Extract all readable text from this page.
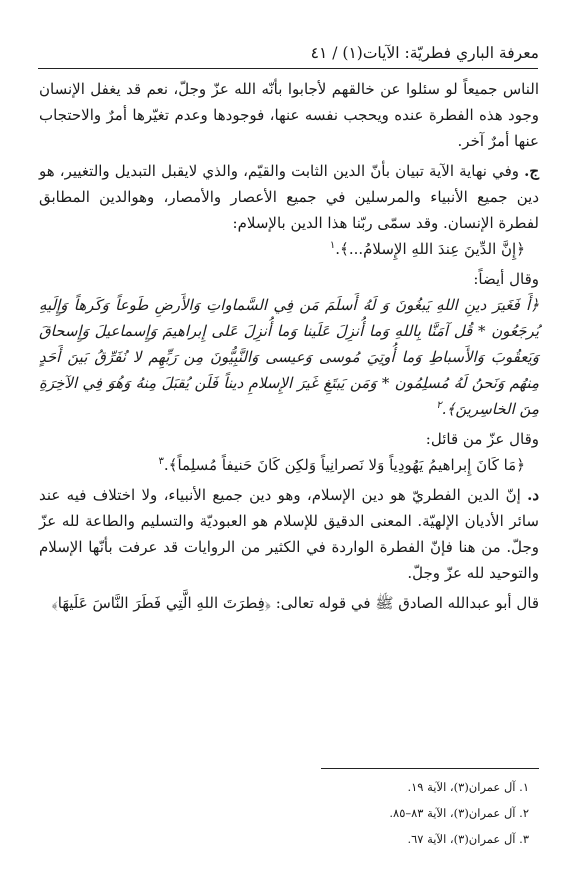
معرفة الباري فطريّة: الآيات(١) / ٤١

الناس جميعاً لو سئلوا عن خالقهم لأجابوا بأنّه الله عزّ وجلّ، نعم قد يغفل الإنسان وجود هذه الفطرة عنده ويحجب نفسه عنها، فوجودها وعدم تغيّرها أمرٌ والاحتجاب عنها أمرٌ آخر.

ج. وفي نهاية الآية تبيان بأنّ الدين الثابت والقيّم، والذي لايقبل التبديل والتغيير، هو دين جميع الأنبياء والمرسلين في جميع الأعصار والأمصار، وهوالدين المطابق لفطرة الإنسان. وقد سمّى ربّنا هذا الدين بالإسلام:

﴿إِنَّ الدِّينَ عِندَ اللهِ الإِسلامُ...﴾.$^١$

وقال أيضاً:

﴿أَ فَغَيرَ دينِ اللهِ يَبغُونَ وَ لَهُ أَسلَمَ مَن فِي السَّماواتِ وَالأَرضِ طَوعاً وَكَرهاً وَإِلَيهِ يُرجَعُون * قُل آمَنَّا بِاللهِ وَما أُنزِلَ عَلَينا وَما أُنزِلَ عَلى إِبراهيمَ وَإِسماعيلَ وَإِسحاقَ وَيَعقُوبَ وَالأَسباطِ وَما أُوتِيَ مُوسى وَعيسى وَالنَّبِيُّونَ مِن رَبِّهِم لا نُفَرِّقُ بَينَ أَحَدٍ مِنهُم وَنَحنُ لَهُ مُسلِمُون * وَمَن يَبتَغِ غَيرَ الإِسلامِ ديناً فَلَن يُقبَلَ مِنهُ وَهُوَ فِي الآخِرَةِ مِنَ الخاسِرينَ﴾.$^٢$

وقال عزّ من قائل:

﴿مَا كَانَ إِبراهيمُ يَهُودِياً وَلا نَصرانِياً وَلكِن كَانَ حَنيفاً مُسلِماً﴾.$^٣$

د. إنّ الدين الفطريّ هو دين الإسلام، وهو دين جميع الأنبياء، ولا اختلاف فيه عند سائر الأديان الإلهيّة. المعنى الدقيق للإسلام هو العبوديّة والتسليم والطاعة لله عزّ وجلّ. من هنا فإنّ الفطرة الواردة في الكثير من الروايات قد عرفت بأنّها الإسلام والتوحيد لله عزّ وجلّ.

قال أبو عبدالله الصادق ﷺ في قوله تعالى: ﴿فِطرَتَ اللهِ الَّتِي فَطَرَ النَّاسَ عَلَيهَا﴾

١. آل عمران(٣)، الآية ١٩.
٢. آل عمران(٣)، الآية ٨٣–٨٥.
٣. آل عمران(٣)، الآية ٦٧.
